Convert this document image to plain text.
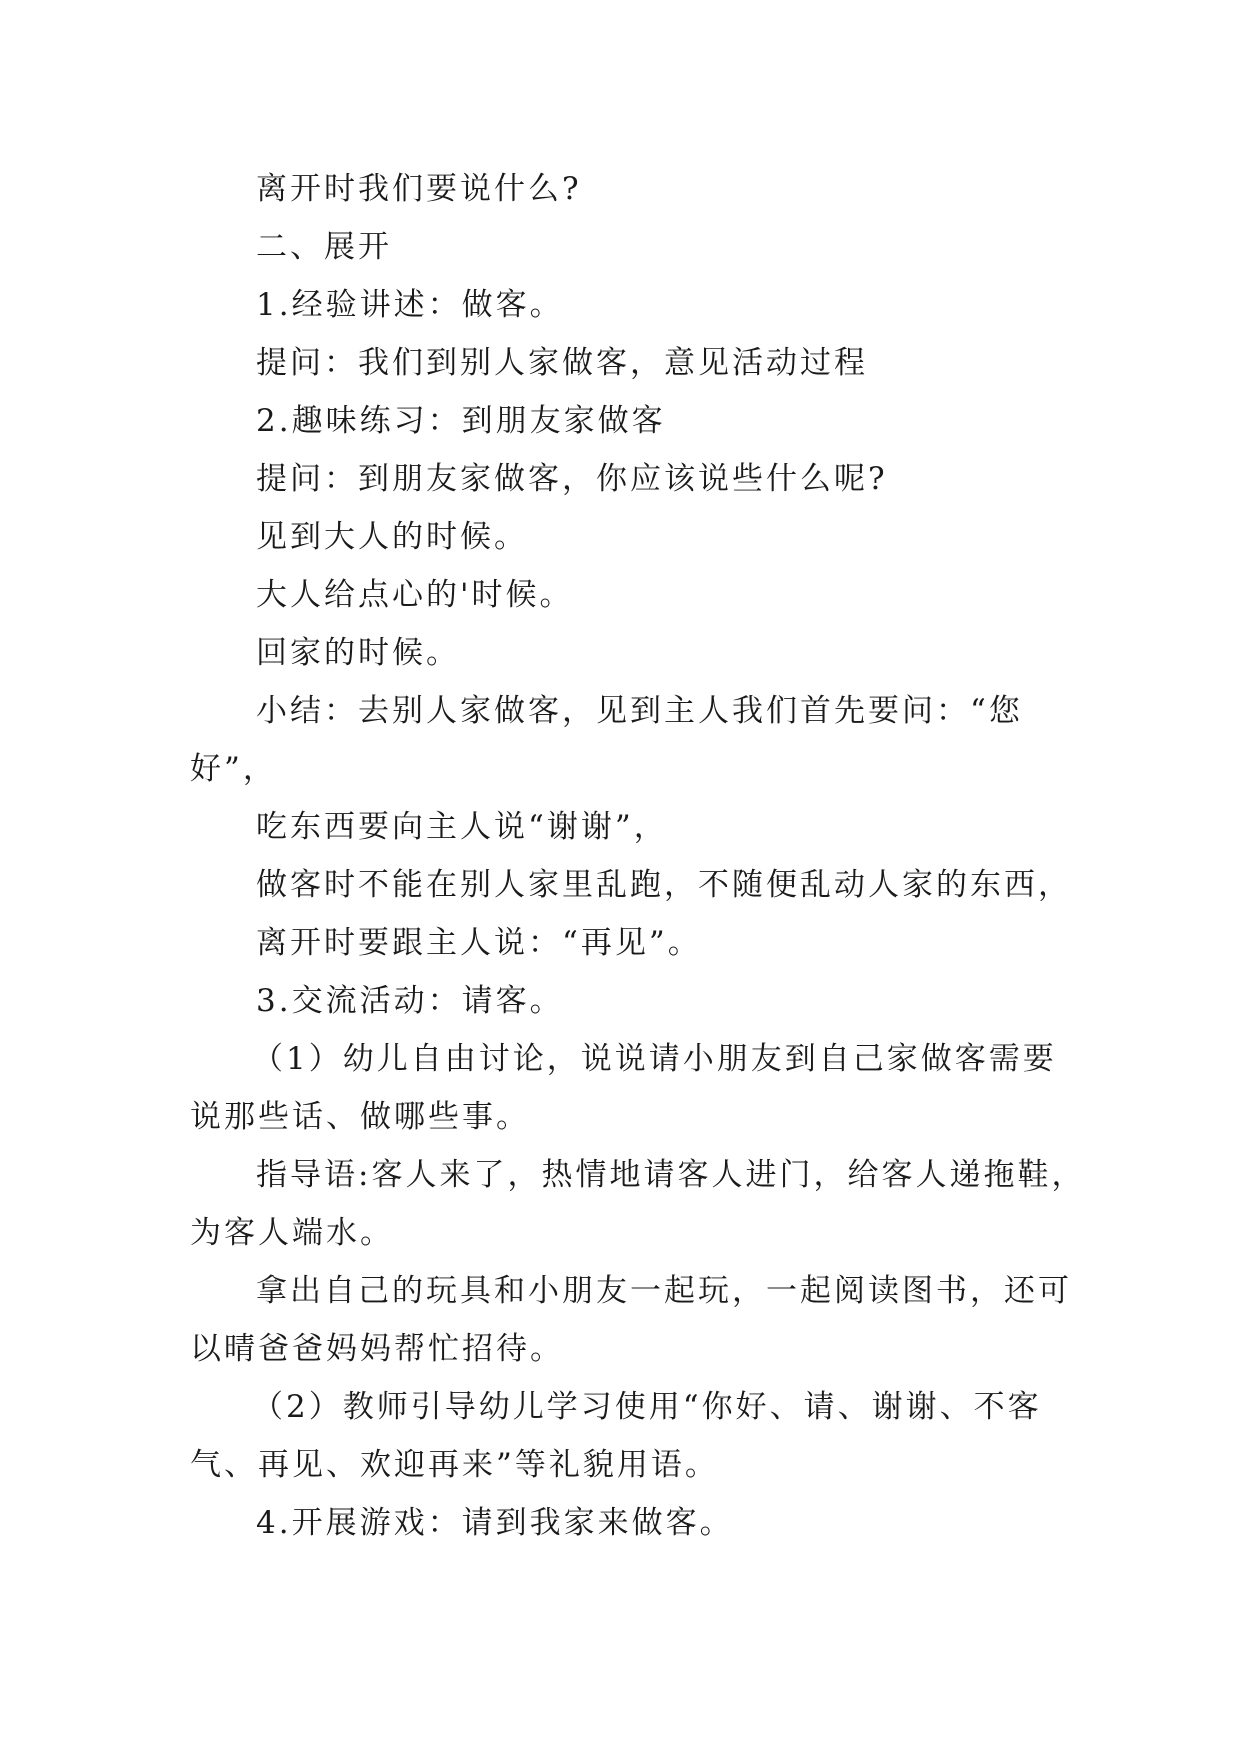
离开时我们要说什么?

二、展开

1.经验讲述：做客。

提问：我们到别人家做客，意见活动过程

2.趣味练习：到朋友家做客

提问：到朋友家做客，你应该说些什么呢?

见到大人的时候。

大人给点心的'时候。

回家的时候。

小结：去别人家做客，见到主人我们首先要问：“您

好”，

吃东西要向主人说“谢谢”，

做客时不能在别人家里乱跑，不随便乱动人家的东西，

离开时要跟主人说：“再见”。

3.交流活动：请客。

（1）幼儿自由讨论，说说请小朋友到自己家做客需要

说那些话、做哪些事。

指导语:客人来了，热情地请客人进门，给客人递拖鞋，

为客人端水。

拿出自己的玩具和小朋友一起玩，一起阅读图书，还可

以晴爸爸妈妈帮忙招待。

（2）教师引导幼儿学习使用“你好、请、谢谢、不客

气、再见、欢迎再来”等礼貌用语。

4.开展游戏：请到我家来做客。
